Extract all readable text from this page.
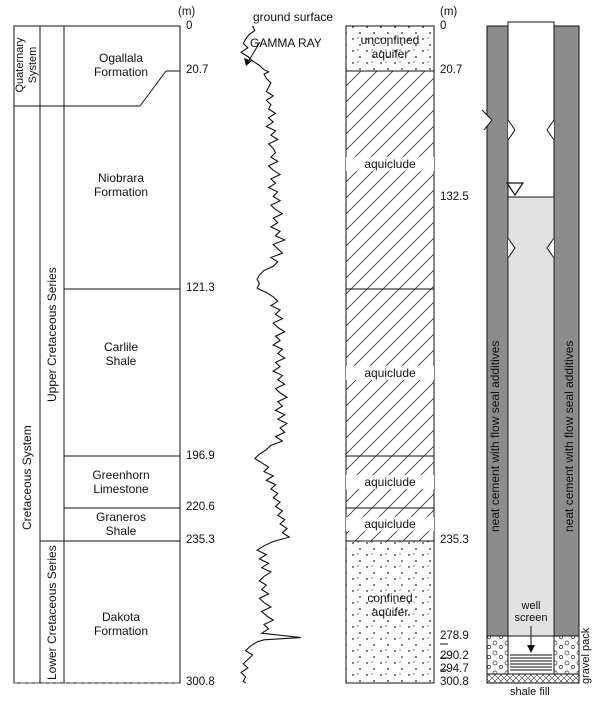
(m)	(m)
ground surface
GAMMA RAY
Quaternary System
Cretaceous System
Upper Cretaceous Series
Lower Cretaceous Series
Ogallala
Formation
Niobrara
Formation
Carlile
Shale
Greenhorn
Limestone
Graneros
Shale
Dakota
Formation
0
20.7
121.3
196.9
220.6
235.3
300.8
unconfined
aquifer
aquiclude
aquiclude
aquiclude
aquiclude
confined
aquifer
0
20.7
132.5
235.3
278.9
290.2
294.7
300.8
neat cement with flow seal additives	neat cement with flow seal additives
well
screen
gravel pack
shale fill
